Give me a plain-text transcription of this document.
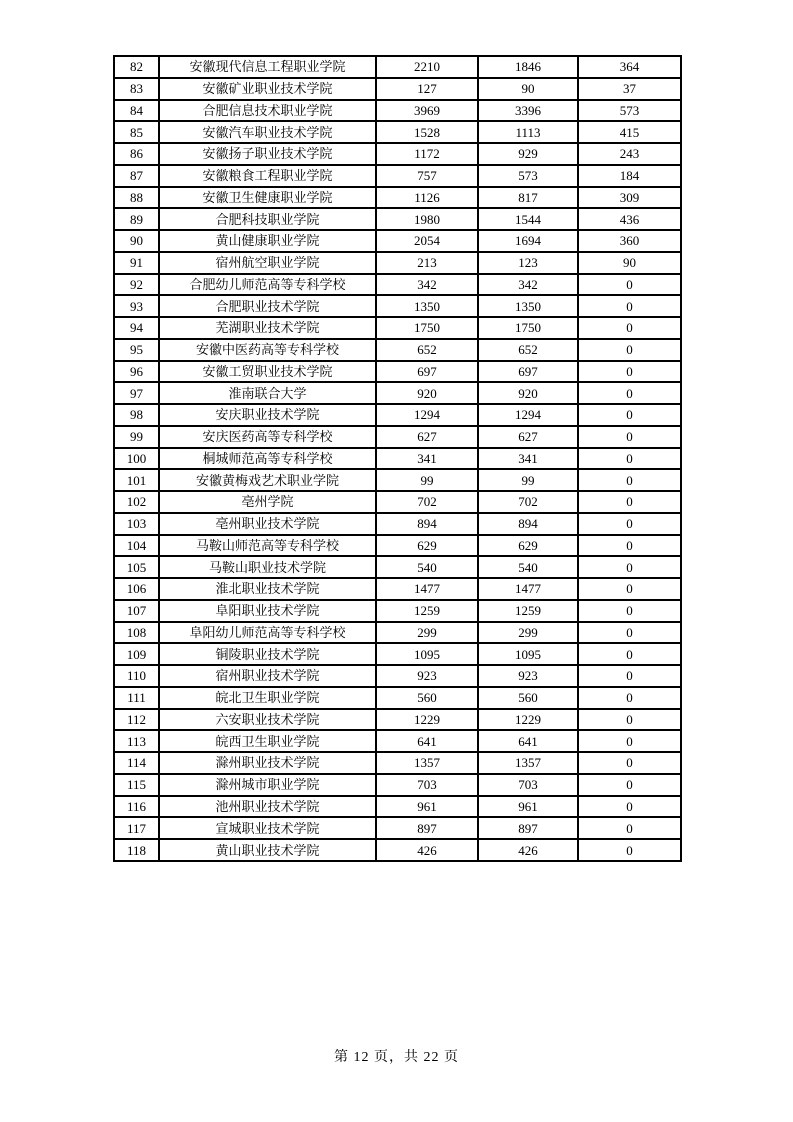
82	安徽现代信息工程职业学院	2210	1846	364
83	安徽矿业职业技术学院	127	90	37
84	合肥信息技术职业学院	3969	3396	573
85	安徽汽车职业技术学院	1528	1113	415
86	安徽扬子职业技术学院	1172	929	243
87	安徽粮食工程职业学院	757	573	184
88	安徽卫生健康职业学院	1126	817	309
89	合肥科技职业学院	1980	1544	436
90	黄山健康职业学院	2054	1694	360
91	宿州航空职业学院	213	123	90
92	合肥幼儿师范高等专科学校	342	342	0
93	合肥职业技术学院	1350	1350	0
94	芜湖职业技术学院	1750	1750	0
95	安徽中医药高等专科学校	652	652	0
96	安徽工贸职业技术学院	697	697	0
97	淮南联合大学	920	920	0
98	安庆职业技术学院	1294	1294	0
99	安庆医药高等专科学校	627	627	0
100	桐城师范高等专科学校	341	341	0
101	安徽黄梅戏艺术职业学院	99	99	0
102	亳州学院	702	702	0
103	亳州职业技术学院	894	894	0
104	马鞍山师范高等专科学校	629	629	0
105	马鞍山职业技术学院	540	540	0
106	淮北职业技术学院	1477	1477	0
107	阜阳职业技术学院	1259	1259	0
108	阜阳幼儿师范高等专科学校	299	299	0
109	铜陵职业技术学院	1095	1095	0
110	宿州职业技术学院	923	923	0
111	皖北卫生职业学院	560	560	0
112	六安职业技术学院	1229	1229	0
113	皖西卫生职业学院	641	641	0
114	滁州职业技术学院	1357	1357	0
115	滁州城市职业学院	703	703	0
116	池州职业技术学院	961	961	0
117	宣城职业技术学院	897	897	0
118	黄山职业技术学院	426	426	0
第 12 页，共 22 页
